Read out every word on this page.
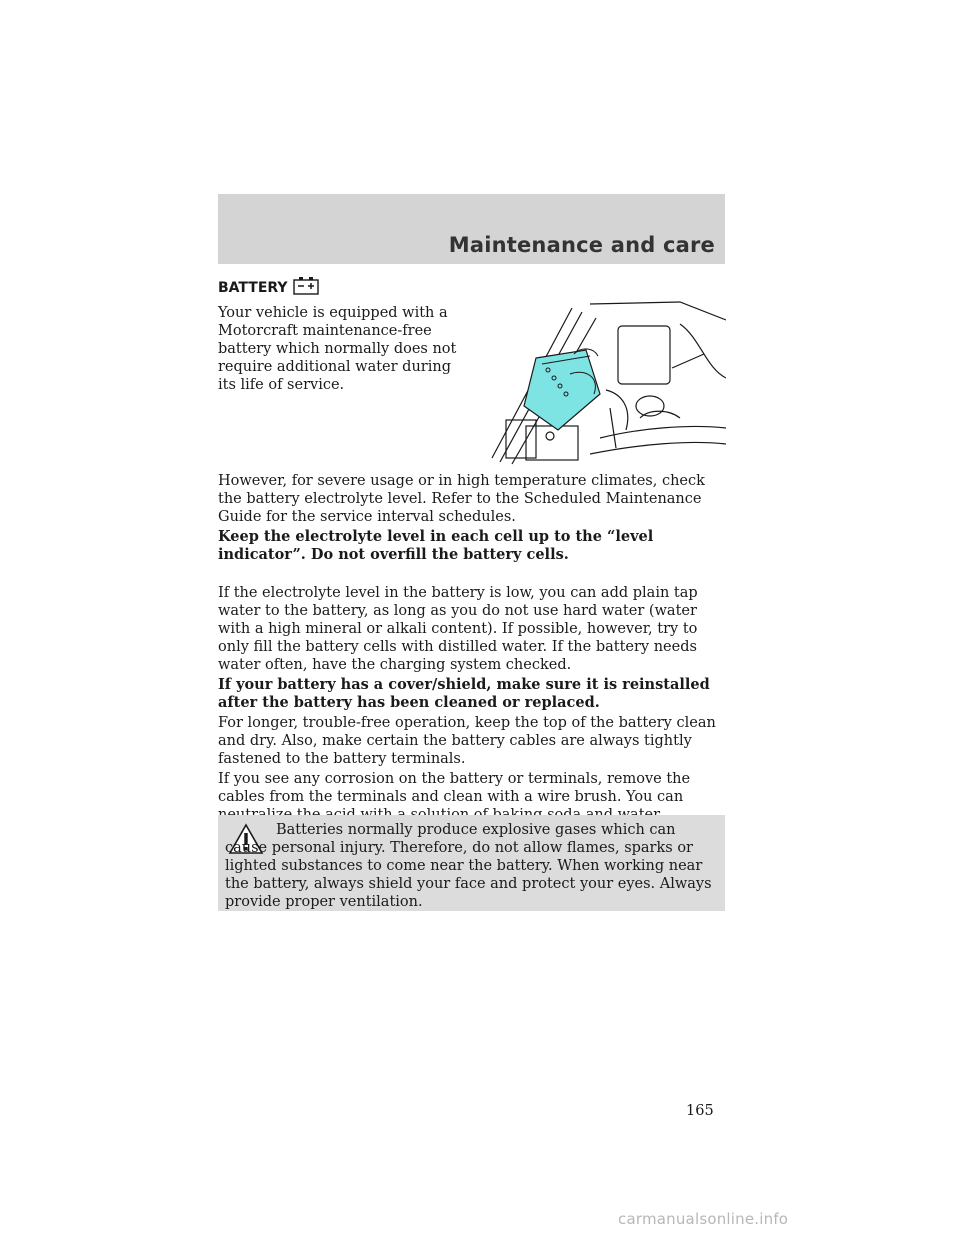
Maintenance and care
BATTERY

Your vehicle is equipped with a Motorcraft maintenance-free battery which normally does not require additional water during its life of service.

However, for severe usage or in high temperature climates, check the battery electrolyte level. Refer to the Scheduled Maintenance Guide for the service interval schedules.

Keep the electrolyte level in each cell up to the “level indicator”. Do not overfill the battery cells.

If the electrolyte level in the battery is low, you can add plain tap water to the battery, as long as you do not use hard water (water with a high mineral or alkali content). If possible, however, try to only fill the battery cells with distilled water. If the battery needs water often, have the charging system checked.

If your battery has a cover/shield, make sure it is reinstalled after the battery has been cleaned or replaced.

For longer, trouble-free operation, keep the top of the battery clean and dry. Also, make certain the battery cables are always tightly fastened to the battery terminals.

If you see any corrosion on the battery or terminals, remove the cables from the terminals and clean with a wire brush. You can

Batteries normally produce explosive gases which can cause personal injury. Therefore, do not allow flames, sparks or lighted substances to come near the battery. When working near the battery, always shield your face and protect your eyes. Always provide proper ventilation.

165
carmanualsonline.info
